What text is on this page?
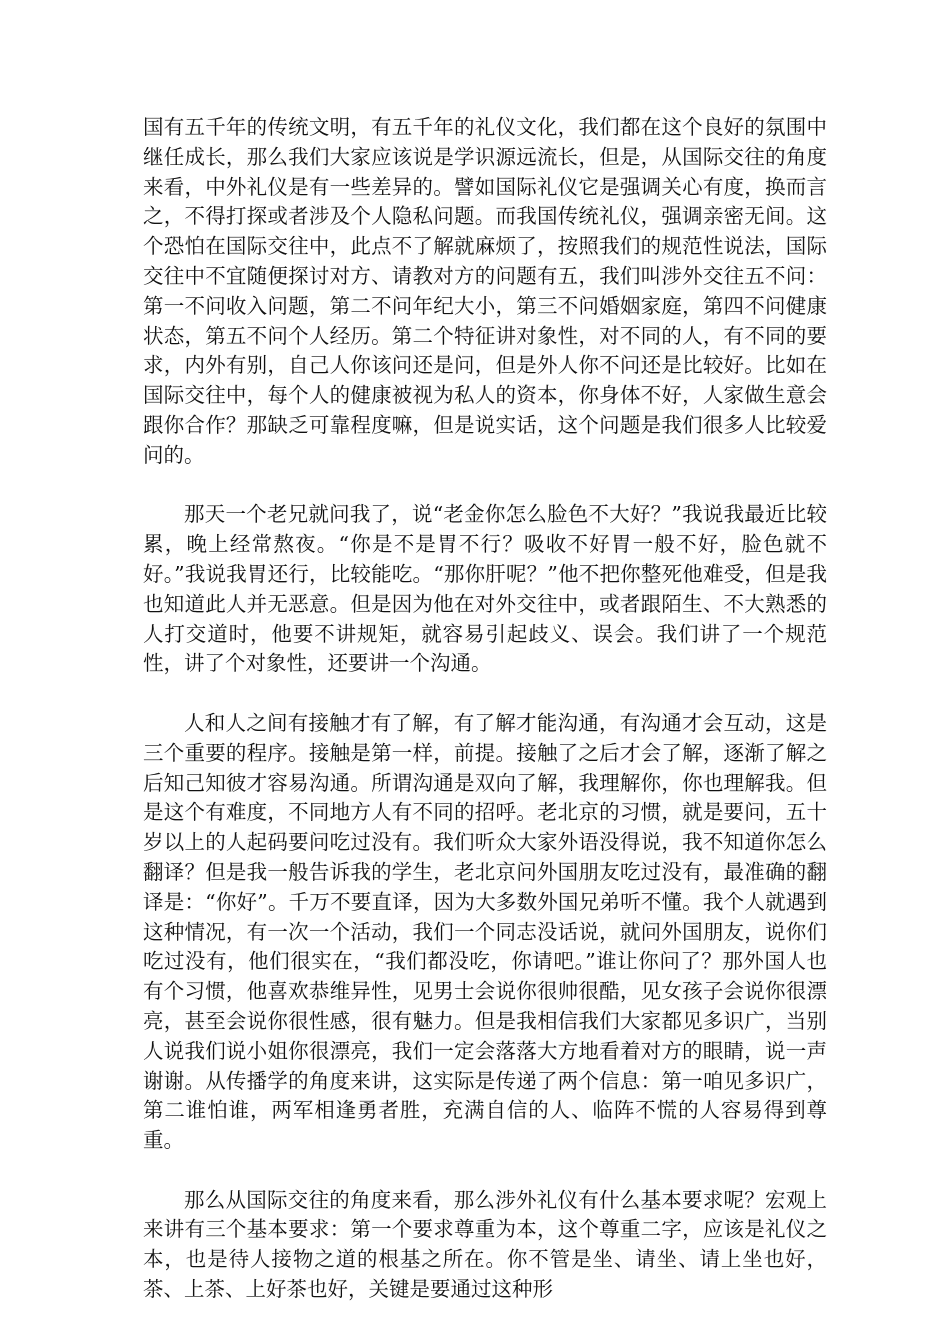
国有五千年的传统文明，有五千年的礼仪文化，我们都在这个良好的氛围中继任成长，那么我们大家应该说是学识源远流长，但是，从国际交往的角度来看，中外礼仪是有一些差异的。譬如国际礼仪它是强调关心有度，换而言之，不得打探或者涉及个人隐私问题。而我国传统礼仪，强调亲密无间。这个恐怕在国际交往中，此点不了解就麻烦了，按照我们的规范性说法，国际交往中不宜随便探讨对方、请教对方的问题有五，我们叫涉外交往五不问：第一不问收入问题，第二不问年纪大小，第三不问婚姻家庭，第四不问健康状态，第五不问个人经历。第二个特征讲对象性，对不同的人，有不同的要求，内外有别，自己人你该问还是问，但是外人你不问还是比较好。比如在国际交往中，每个人的健康被视为私人的资本，你身体不好，人家做生意会跟你合作？那缺乏可靠程度嘛，但是说实话，这个问题是我们很多人比较爱问的。

那天一个老兄就问我了，说“老金你怎么脸色不大好？”我说我最近比较累，晚上经常熬夜。“你是不是胃不行？吸收不好胃一般不好，脸色就不好。”我说我胃还行，比较能吃。“那你肝呢？”他不把你整死他难受，但是我也知道此人并无恶意。但是因为他在对外交往中，或者跟陌生、不大熟悉的人打交道时，他要不讲规矩，就容易引起歧义、误会。我们讲了一个规范性，讲了个对象性，还要讲一个沟通。

人和人之间有接触才有了解，有了解才能沟通，有沟通才会互动，这是三个重要的程序。接触是第一样，前提。接触了之后才会了解，逐渐了解之后知己知彼才容易沟通。所谓沟通是双向了解，我理解你，你也理解我。但是这个有难度，不同地方人有不同的招呼。老北京的习惯，就是要问，五十岁以上的人起码要问吃过没有。我们听众大家外语没得说，我不知道你怎么翻译？但是我一般告诉我的学生，老北京问外国朋友吃过没有，最准确的翻译是：“你好”。千万不要直译，因为大多数外国兄弟听不懂。我个人就遇到这种情况，有一次一个活动，我们一个同志没话说，就问外国朋友，说你们吃过没有，他们很实在，“我们都没吃，你请吧。”谁让你问了？那外国人也有个习惯，他喜欢恭维异性，见男士会说你很帅很酷，见女孩子会说你很漂亮，甚至会说你很性感，很有魅力。但是我相信我们大家都见多识广，当别人说我们说小姐你很漂亮，我们一定会落落大方地看着对方的眼睛，说一声谢谢。从传播学的角度来讲，这实际是传递了两个信息：第一咱见多识广，第二谁怕谁，两军相逢勇者胜，充满自信的人、临阵不慌的人容易得到尊重。

那么从国际交往的角度来看，那么涉外礼仪有什么基本要求呢？宏观上来讲有三个基本要求：第一个要求尊重为本，这个尊重二字，应该是礼仪之本，也是待人接物之道的根基之所在。你不管是坐、请坐、请上坐也好，茶、上茶、上好茶也好，关键是要通过这种形
